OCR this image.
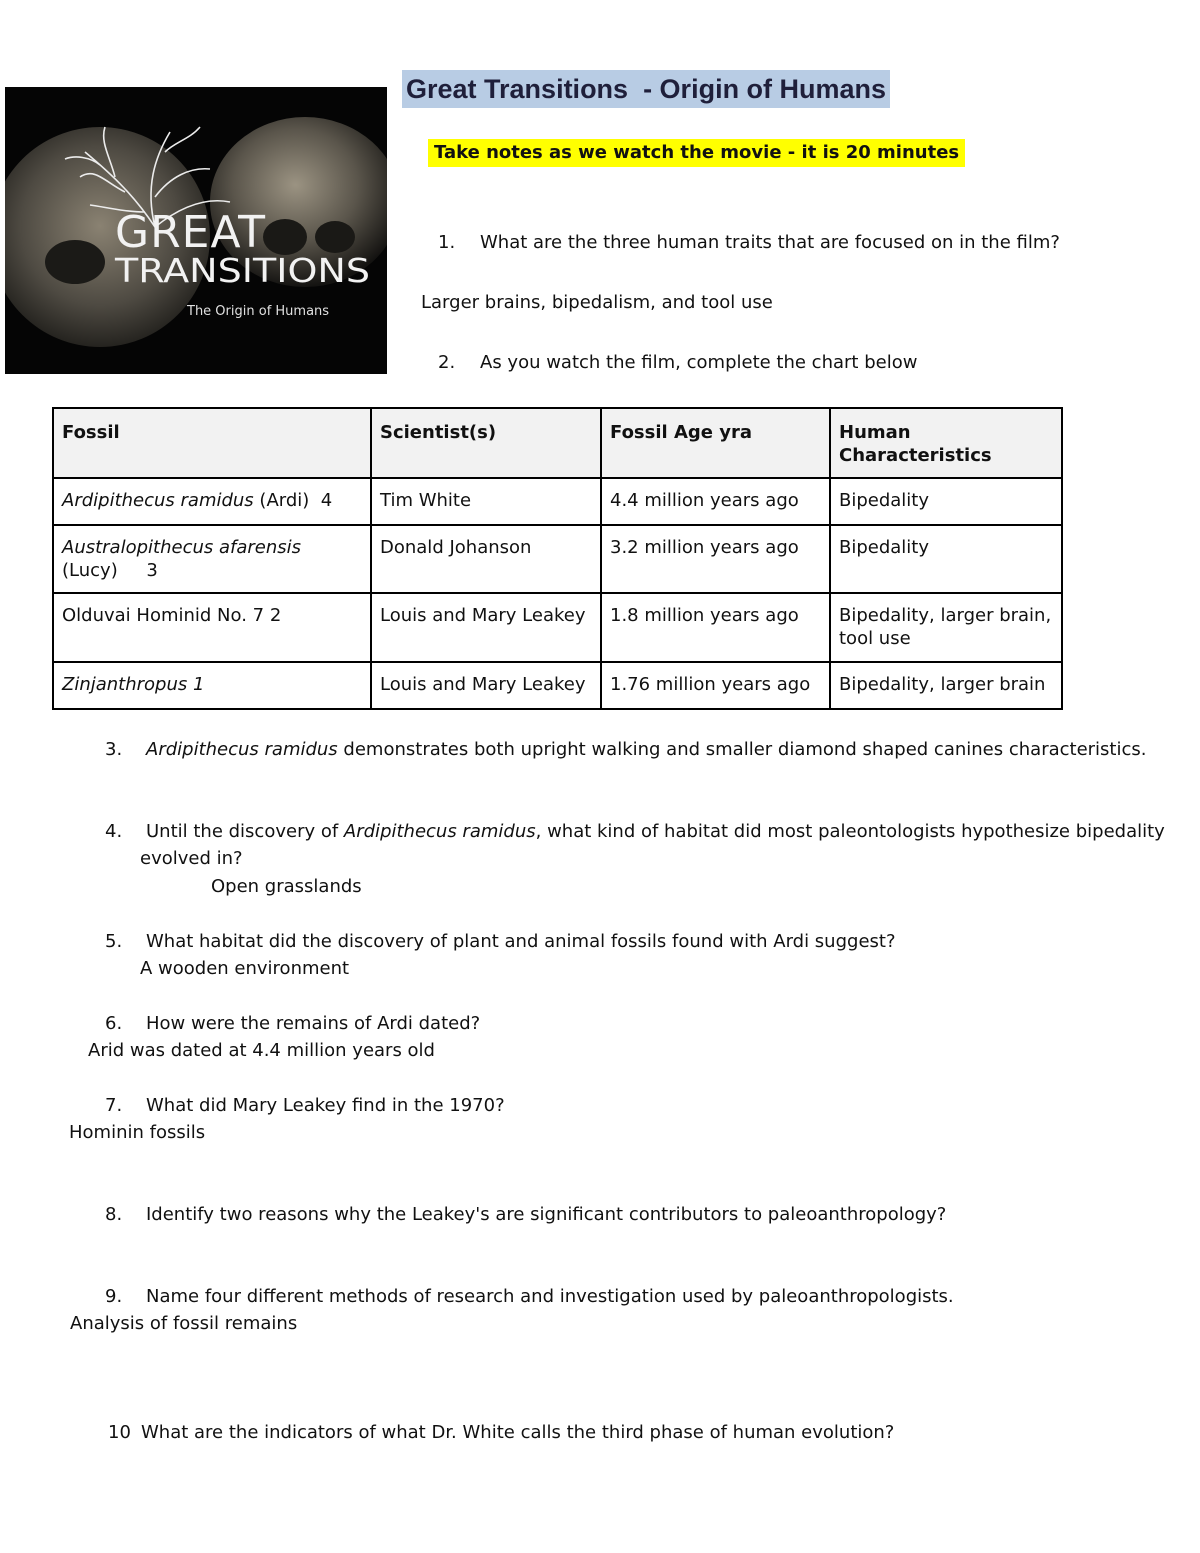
GREAT
TRANSITIONS
The Origin of Humans
Great Transitions  - Origin of Humans
Take notes as we watch the movie - it is 20 minutes
1. What are the three human traits that are focused on in the film?
Larger brains, bipedalism, and tool use
2. As you watch the film, complete the chart below
Fossil	Scientist(s)	Fossil Age yra	Human Characteristics
Ardipithecus ramidus (Ardi)  4	Tim White	4.4 million years ago	Bipedality
Australopithecus afarensis
(Lucy)     3	Donald Johanson	3.2 million years ago	Bipedality
Olduvai Hominid No. 7 2	Louis and Mary Leakey	1.8 million years ago	Bipedality, larger brain, tool use
Zinjanthropus 1	Louis and Mary Leakey	1.76 million years ago	Bipedality, larger brain
3. Ardipithecus ramidus demonstrates both upright walking and smaller diamond shaped canines characteristics.
4. Until the discovery of Ardipithecus ramidus, what kind of habitat did most paleontologists hypothesize bipedality
evolved in?
Open grasslands
5. What habitat did the discovery of plant and animal fossils found with Ardi suggest?
A wooden environment
6. How were the remains of Ardi dated?
Arid was dated at 4.4 million years old
7. What did Mary Leakey find in the 1970?
Hominin fossils
8. Identify two reasons why the Leakey's are significant contributors to paleoanthropology?
9. Name four different methods of research and investigation used by paleoanthropologists.
Analysis of fossil remains
10 What are the indicators of what Dr. White calls the third phase of human evolution?
